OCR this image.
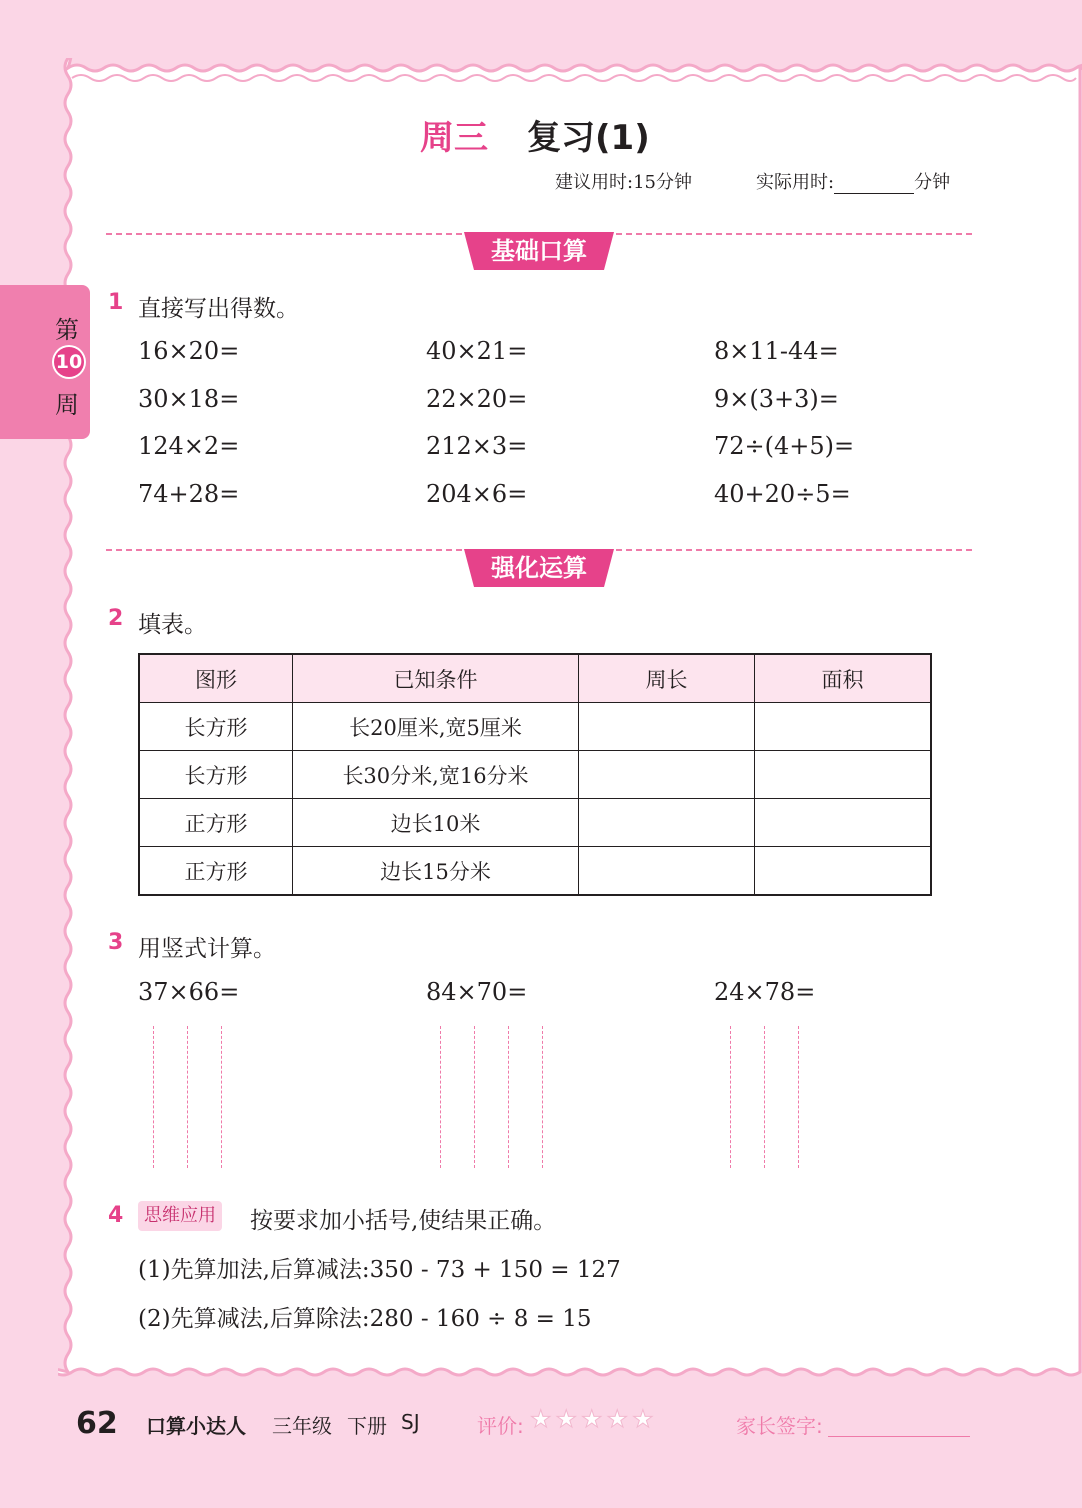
第
10
周
周三 复习(1)
建议用时:15分钟	实际用时:	分钟
基础口算
1 直接写出得数。
16×20=	40×21=	8×11-44=
30×18=	22×20=	9×(3+3)=
124×2=	212×3=	72÷(4+5)=
74+28=	204×6=	40+20÷5=
强化运算
2 填表。
图形	已知条件	周长	面积
长方形	长20厘米,宽5厘米		
长方形	长30分米,宽16分米		
正方形	边长10米		
正方形	边长15分米		
3 用竖式计算。
37×66=	84×70=	24×78=
4	思维应用 按要求加小括号,使结果正确。
(1)先算加法,后算减法:350 - 73 + 150 = 127
(2)先算减法,后算除法:280 - 160 ÷ 8 = 15
62 口算小达人 三年级 下册 SJ	评价: ★ ★ ★ ★ ★	家长签字:
